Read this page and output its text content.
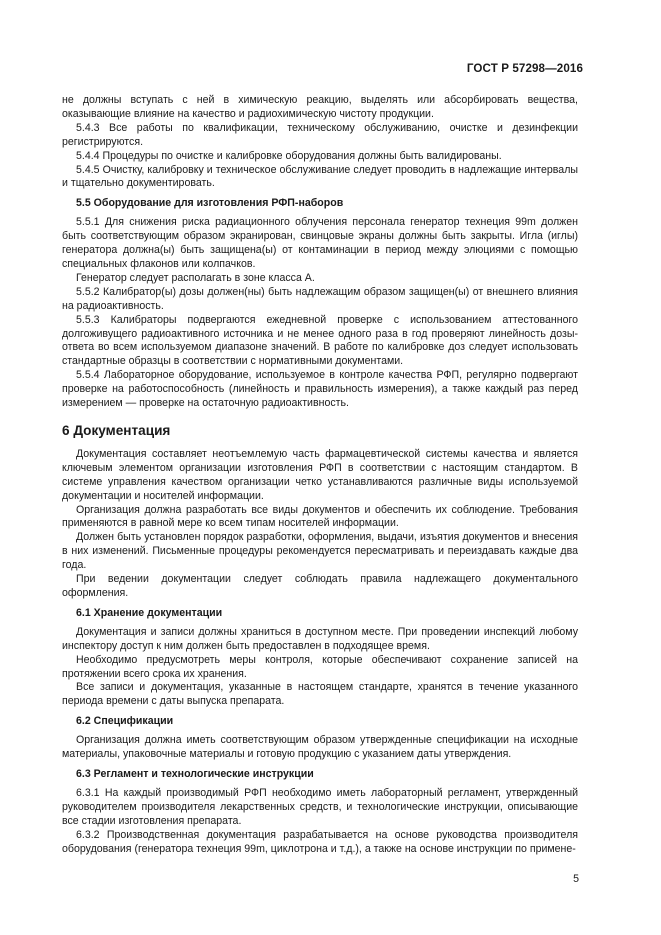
ГОСТ Р 57298—2016

не должны вступать с ней в химическую реакцию, выделять или абсорбировать вещества, оказывающие влияние на качество и радиохимическую чистоту продукции.

5.4.3 Все работы по квалификации, техническому обслуживанию, очистке и дезинфекции регистрируются.

5.4.4 Процедуры по очистке и калибровке оборудования должны быть валидированы.

5.4.5 Очистку, калибровку и техническое обслуживание следует проводить в надлежащие интервалы и тщательно документировать.

5.5 Оборудование для изготовления РФП-наборов

5.5.1 Для снижения риска радиационного облучения персонала генератор технеция 99m должен быть соответствующим образом экранирован, свинцовые экраны должны быть закрыты. Игла (иглы) генератора должна(ы) быть защищена(ы) от контаминации в период между элюциями с помощью специальных флаконов или колпачков.

Генератор следует располагать в зоне класса А.

5.5.2 Калибратор(ы) дозы должен(ны) быть надлежащим образом защищен(ы) от внешнего влияния на радиоактивность.

5.5.3 Калибраторы подвергаются ежедневной проверке с использованием аттестованного долгоживущего радиоактивного источника и не менее одного раза в год проверяют линейность дозы-ответа во всем используемом диапазоне значений. В работе по калибровке доз следует использовать стандартные образцы в соответствии с нормативными документами.

5.5.4 Лабораторное оборудование, используемое в контроле качества РФП, регулярно подвергают проверке на работоспособность (линейность и правильность измерения), а также каждый раз перед измерением — проверке на остаточную радиоактивность.

6 Документация

Документация составляет неотъемлемую часть фармацевтической системы качества и является ключевым элементом организации изготовления РФП в соответствии с настоящим стандартом. В системе управления качеством организации четко устанавливаются различные виды используемой документации и носителей информации.

Организация должна разработать все виды документов и обеспечить их соблюдение. Требования применяются в равной мере ко всем типам носителей информации.

Должен быть установлен порядок разработки, оформления, выдачи, изъятия документов и внесения в них изменений. Письменные процедуры рекомендуется пересматривать и переиздавать каждые два года.

При ведении документации следует соблюдать правила надлежащего документального оформления.

6.1 Хранение документации

Документация и записи должны храниться в доступном месте. При проведении инспекций любому инспектору доступ к ним должен быть предоставлен в подходящее время.

Необходимо предусмотреть меры контроля, которые обеспечивают сохранение записей на протяжении всего срока их хранения.

Все записи и документация, указанные в настоящем стандарте, хранятся в течение указанного периода времени с даты выпуска препарата.

6.2 Спецификации

Организация должна иметь соответствующим образом утвержденные спецификации на исходные материалы, упаковочные материалы и готовую продукцию с указанием даты утверждения.

6.3 Регламент и технологические инструкции

6.3.1 На каждый производимый РФП необходимо иметь лабораторный регламент, утвержденный руководителем производителя лекарственных средств, и технологические инструкции, описывающие все стадии изготовления препарата.

6.3.2 Производственная документация разрабатывается на основе руководства производителя оборудования (генератора технеция 99m, циклотрона и т.д.), а также на основе инструкции по примене-

5
